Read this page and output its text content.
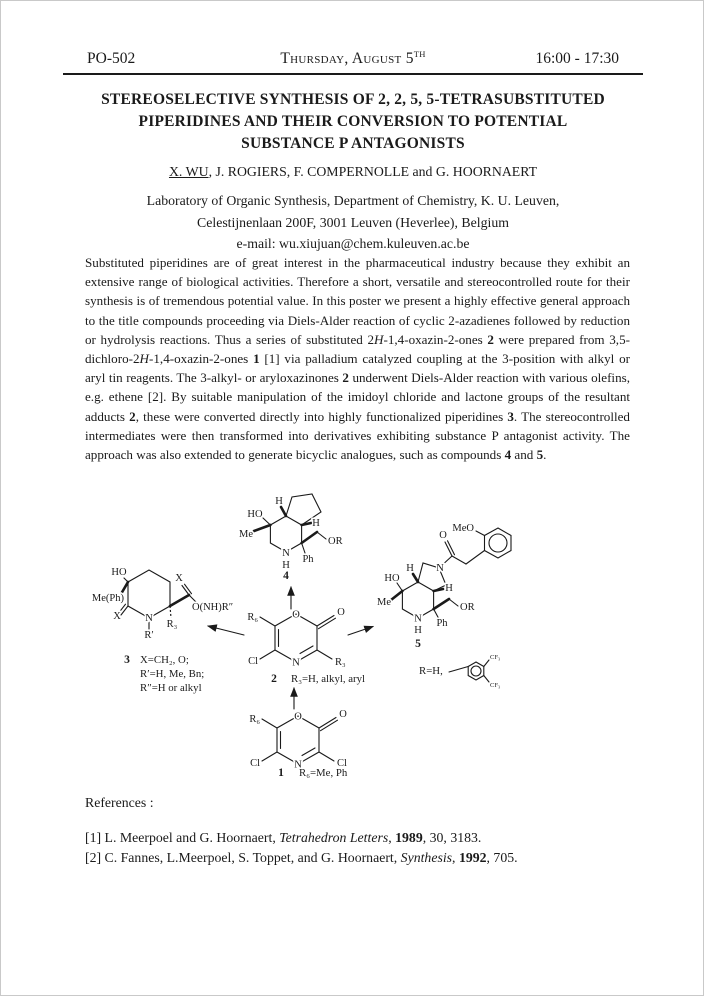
PO-502	Thursday, August 5TH	16:00 - 17:30
STEREOSELECTIVE SYNTHESIS OF 2, 2, 5, 5-TETRASUBSTITUTED
PIPERIDINES AND THEIR CONVERSION TO POTENTIAL
SUBSTANCE P ANTAGONISTS
X. WU, J. ROGIERS, F. COMPERNOLLE and G. HOORNAERT
Laboratory of Organic Synthesis, Department of Chemistry, K. U. Leuven,
Celestijnenlaan 200F, 3001 Leuven (Heverlee), Belgium
e-mail: wu.xiujuan@chem.kuleuven.ac.be
Substituted piperidines are of great interest in the pharmaceutical industry because they exhibit an extensive range of biological activities. Therefore a short, versatile and stereocontrolled route for their synthesis is of tremendous potential value. In this poster we present a highly effective general approach to the title compounds proceeding via Diels-Alder reaction of cyclic 2-azadienes followed by reduction or hydrolysis reactions. Thus a series of substituted 2H-1,4-oxazin-2-ones 2 were prepared from 3,5-dichloro-2H-1,4-oxazin-2-ones 1 [1] via palladium catalyzed coupling at the 3-position with alkyl or aryl tin reagents. The 3-alkyl- or aryloxazinones 2 underwent Diels-Alder reaction with various olefins, e.g. ethene [2]. By suitable manipulation of the imidoyl chloride and lactone groups of the resultant adducts 2, these were converted directly into highly functionalized piperidines 3. The stereocontrolled intermediates were then transformed into derivatives exhibiting substance P antagonist activity. The approach was also extended to generate bicyclic analogues, such as compounds 4 and 5.
H
H
HO
Me
N
H
Ph
OR
4
O
N
O
R₆
Cl	R₃
2 R₃=H, alkyl, aryl
O
N
O
R₆
Cl	Cl
1 R₆=Me, Ph
X
HO
Me(Ph)
N
R′
R₃
X
O(NH)R″
3 X=CH₂, O;
R′=H, Me, Bn;
R″=H or alkyl
MeO
O
N
H
H
HO
Me
N
H
Ph
OR
5
R=H,
CF₃
CF₃
References :
[1] L. Meerpoel and G. Hoornaert, Tetrahedron Letters, 1989, 30, 3183.
[2] C. Fannes, L.Meerpoel, S. Toppet, and G. Hoornaert, Synthesis, 1992, 705.
